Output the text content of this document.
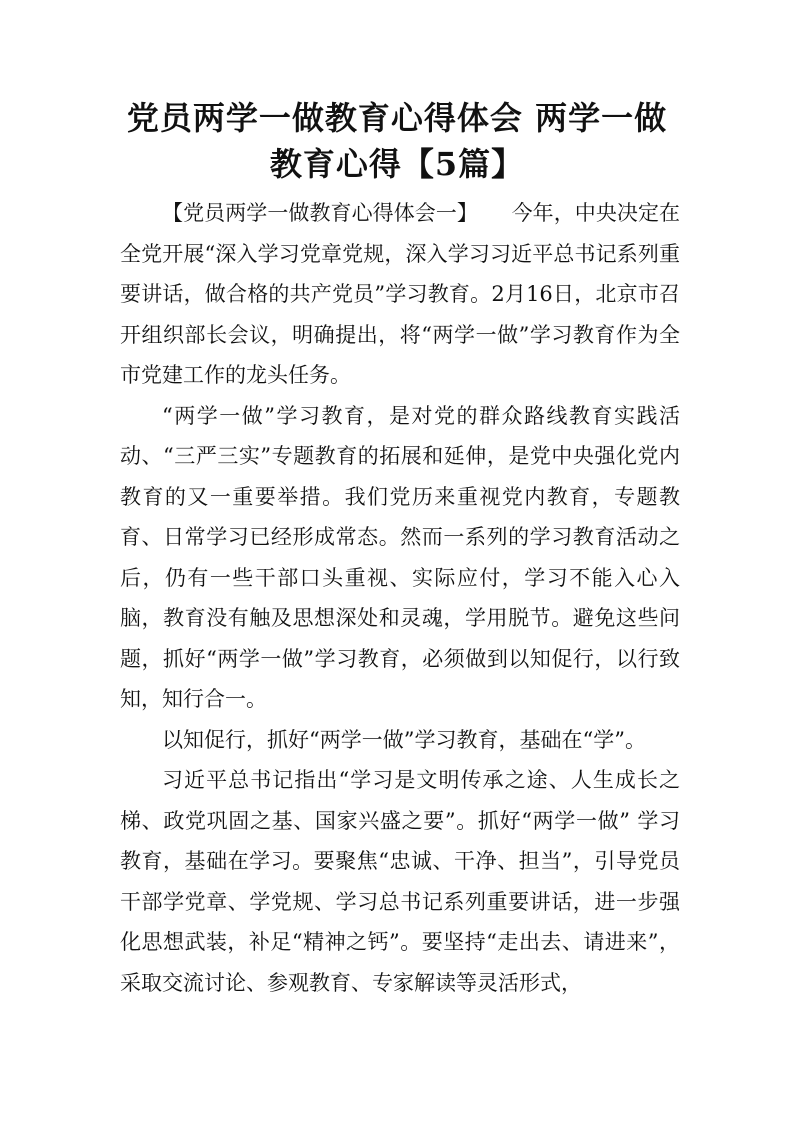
党员两学一做教育心得体会 两学一做
教育心得【5篇】

【党员两学一做教育心得体会一】 今年，中央决定在全党开展“深入学习党章党规，深入学习习近平总书记系列重要讲话，做合格的共产党员”学习教育。2月16日，北京市召开组织部长会议，明确提出，将“两学一做”学习教育作为全市党建工作的龙头任务。

“两学一做”学习教育，是对党的群众路线教育实践活动、“三严三实”专题教育的拓展和延伸，是党中央强化党内教育的又一重要举措。我们党历来重视党内教育，专题教育、日常学习已经形成常态。然而一系列的学习教育活动之后，仍有一些干部口头重视、实际应付，学习不能入心入脑，教育没有触及思想深处和灵魂，学用脱节。避免这些问题，抓好“两学一做”学习教育，必须做到以知促行，以行致知，知行合一。

以知促行，抓好“两学一做”学习教育，基础在“学”。

习近平总书记指出“学习是文明传承之途、人生成长之梯、政党巩固之基、国家兴盛之要”。抓好“两学一做” 学习教育，基础在学习。要聚焦“忠诚、干净、担当”，引导党员干部学党章、学党规、学习总书记系列重要讲话，进一步强化思想武装，补足“精神之钙”。要坚持“走出去、请进来”，采取交流讨论、参观教育、专家解读等灵活形式，
